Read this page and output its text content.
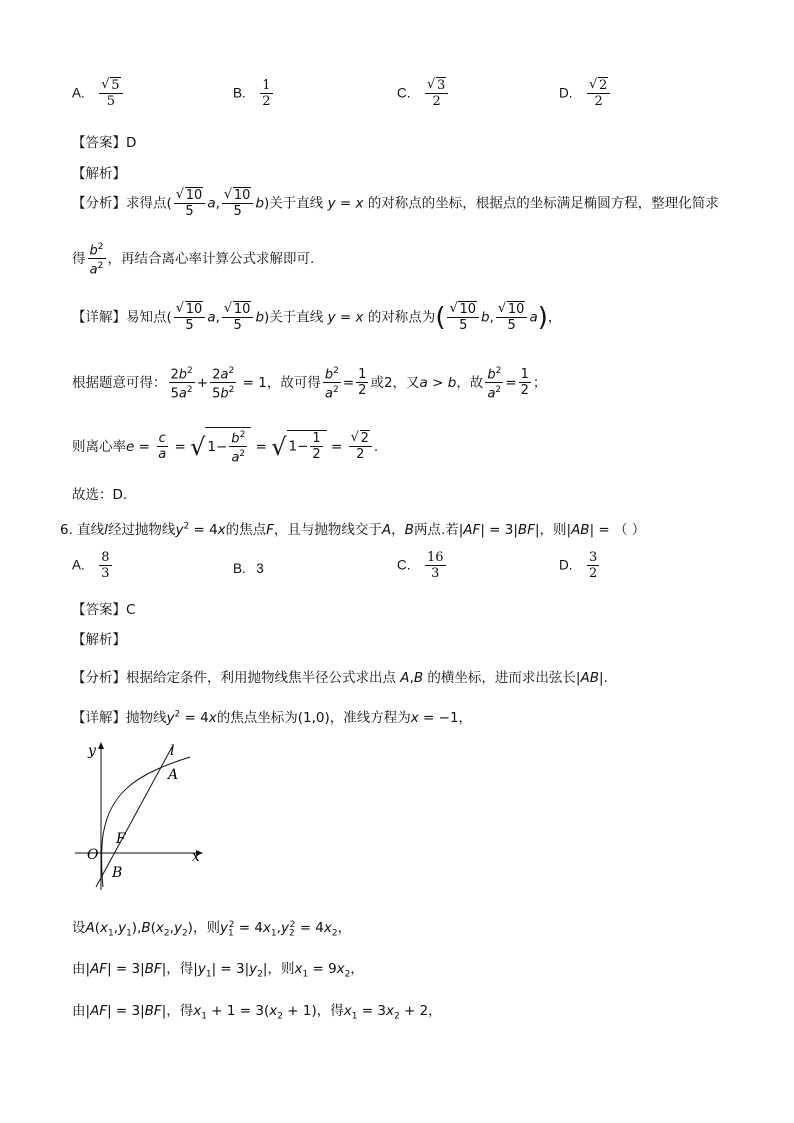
A. √ $\frac{5}{5}$	B. $\frac{1}{2}$	C. √ $\frac{3}{2}$	D. √ $\frac{2}{2}$
【答案】D
【解析】
【分析】求得点( √ $\frac{10}{5} a$, √ $\frac{10}{5} b$)关于直线 y = x 的对称点的坐标，根据点的坐标满足椭圆方程，整理化简求
得 $\frac{b^2}{a^2}$ ，再结合离心率计算公式求解即可.
【详解】易知点( √ $\frac{10}{5} a$, √ $\frac{10}{5} b$)关于直线 y = x 的对称点为( √ $\frac{10}{5} b$, √ $\frac{10}{5} a$)，
根据题意可得： $\frac{2b^2}{5a^2} + \frac{2a^2}{5b^2} = 1$，故可得 $\frac{b^2}{a^2} = \frac{1}{2}$ 或2，又a > b，故 $\frac{b^2}{a^2} = \frac{1}{2}$ ；
则离心率$e = \frac{c}{a}$ = √ $1- \frac{b^2}{a^2}$ = √ $1- \frac{1}{2}$ = √ $\frac{2}{2}$ .
故选：D.
6. 直线l经过抛物线$y^2 = 4x$的焦点F，且与抛物线交于A，B两点.若|AF| = 3|BF|，则|AB| = （ ）
A. $\frac{8}{3}$	B. 3	C. $\frac{16}{3}$	D. $\frac{3}{2}$
【答案】C
【解析】
【分析】根据给定条件，利用抛物线焦半径公式求出点 A,B 的横坐标，进而求出弦长|AB|.
【详解】抛物线$y^2 = 4x$的焦点坐标为(1,0)，准线方程为x = −1，
y	l
A
F
O	x
B
设$A(x_1,y_1),B(x_2,y_2)$，则$y_1^2 = 4x_1,y_2^2 = 4x_2$，
由|AF| = 3|BF|，得$|y_1| = 3|y_2|$，则$x_1 = 9x_2$，
由|AF| = 3|BF|，得$x_1 + 1 = 3(x_2 + 1)$，得$x_1 = 3x_2 + 2$，
